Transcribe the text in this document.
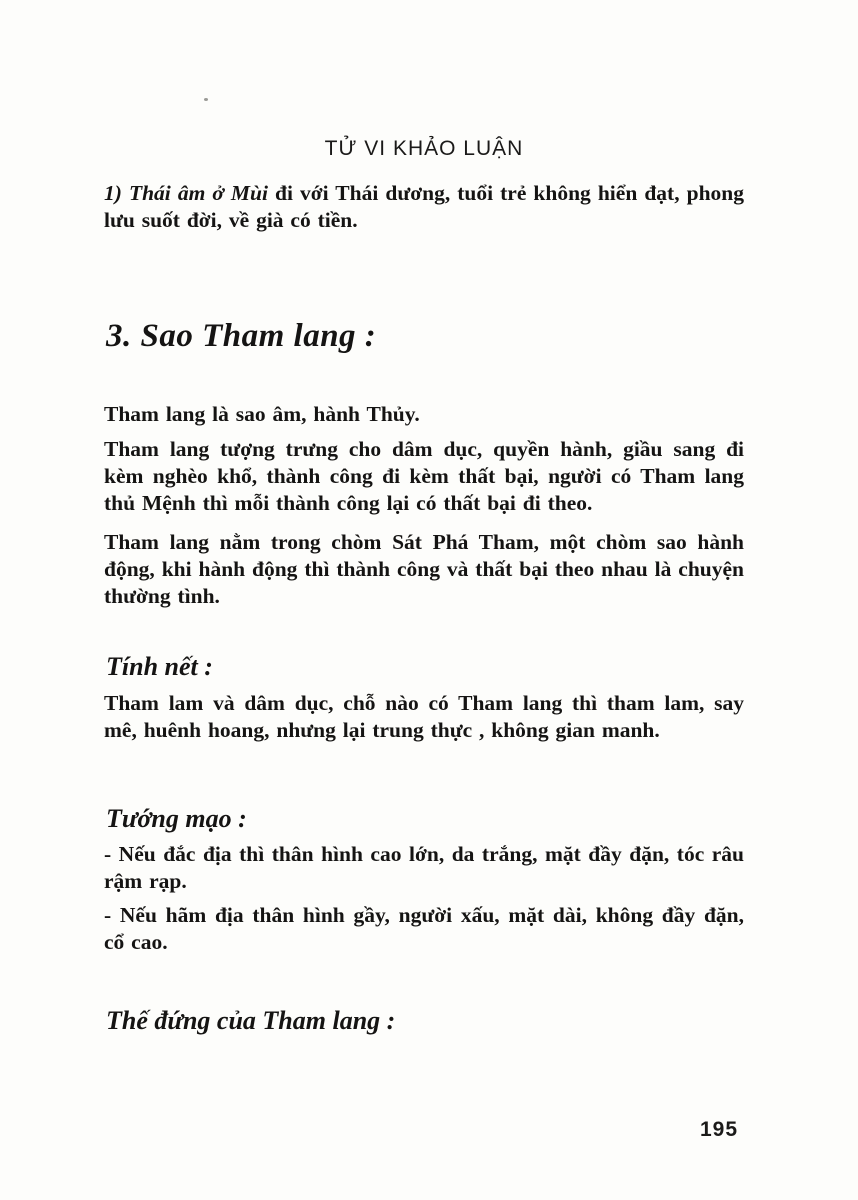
TỬ VI KHẢO LUẬN

1) Thái âm ở Mùi đi với Thái dương, tuổi trẻ không hiển đạt, phong lưu suốt đời, về già có tiền.

3. Sao Tham lang :

Tham lang là sao âm, hành Thủy.

Tham lang tượng trưng cho dâm dục, quyền hành, giầu sang đi kèm nghèo khổ, thành công đi kèm thất bại, người có Tham lang thủ Mệnh thì mỗi thành công lại có thất bại đi theo.

Tham lang nằm trong chòm Sát Phá Tham, một chòm sao hành động, khi hành động thì thành công và thất bại theo nhau là chuyện thường tình.

Tính nết :

Tham lam và dâm dục, chỗ nào có Tham lang thì tham lam, say mê, huênh hoang, nhưng lại trung thực , không gian manh.

Tướng mạo :

- Nếu đắc địa thì thân hình cao lớn, da trắng, mặt đầy đặn, tóc râu rậm rạp.

- Nếu hãm địa thân hình gầy, người xấu, mặt dài, không đầy đặn, cổ cao.

Thế đứng của Tham lang :
195
